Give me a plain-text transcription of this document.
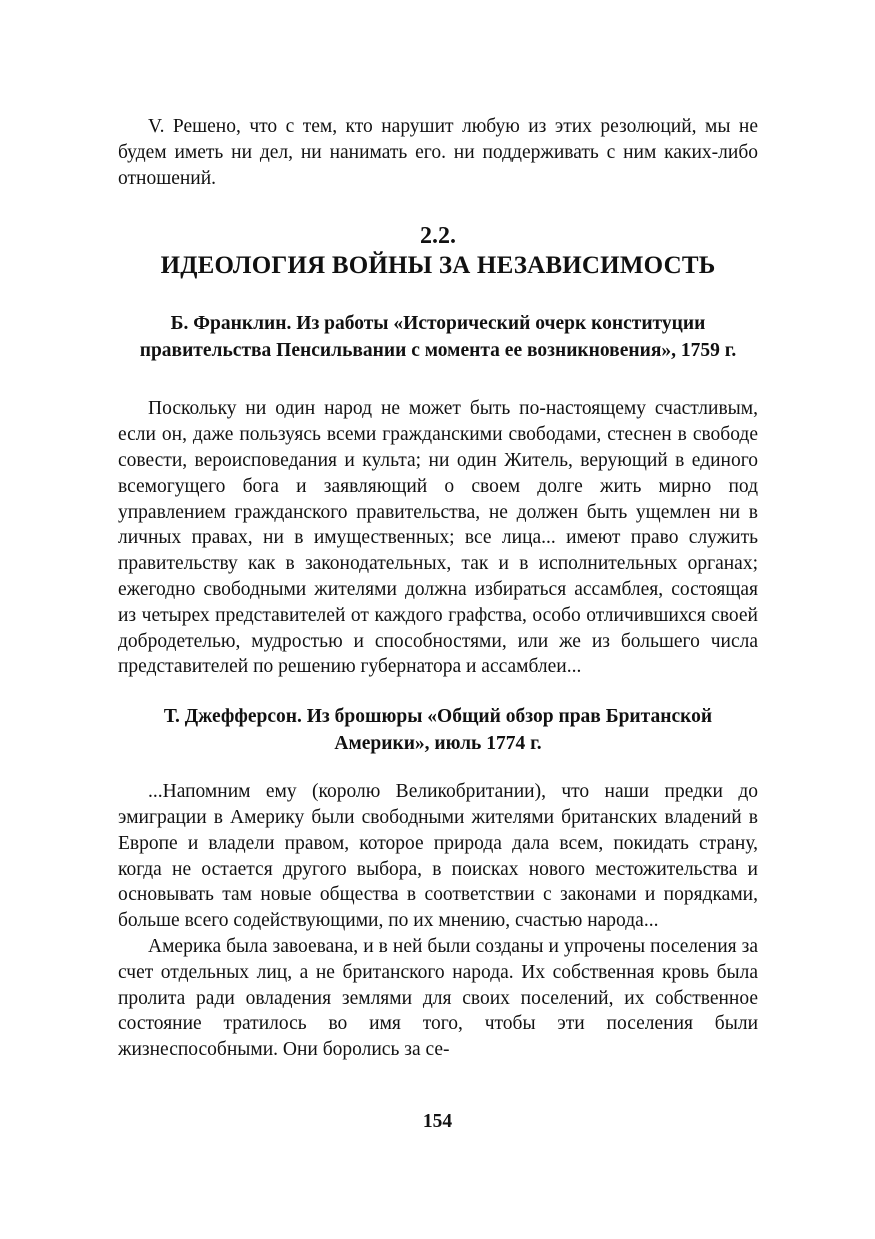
V. Решено, что с тем, кто нарушит любую из этих резолюций, мы не будем иметь ни дел, ни нанимать его. ни поддерживать с ним каких-либо отношений.

2.2.
ИДЕОЛОГИЯ ВОЙНЫ ЗА НЕЗАВИСИМОСТЬ
Б. Франклин. Из работы «Исторический очерк конституции правительства Пенсильвании с момента ее возникновения», 1759 г.

Поскольку ни один народ не может быть по-настоящему счастливым, если он, даже пользуясь всеми гражданскими свободами, стеснен в свободе совести, вероисповедания и культа; ни один Житель, верующий в единого всемогущего бога и заявляющий о своем долге жить мирно под управлением гражданского правительства, не должен быть ущемлен ни в личных правах, ни в имущественных; все лица... имеют право служить правительству как в законодательных, так и в исполнительных органах; ежегодно свободными жителями должна избираться ассамблея, состоящая из четырех представителей от каждого графства, особо отличившихся своей добродетелью, мудростью и способностями, или же из большего числа представителей по решению губернатора и ассамблеи...

Т. Джефферсон. Из брошюры «Общий обзор прав Британской Америки», июль 1774 г.

...Напомним ему (королю Великобритании), что наши предки до эмиграции в Америку были свободными жителями британских владений в Европе и владели правом, которое природа дала всем, покидать страну, когда не остается другого выбора, в поисках нового местожительства и основывать там новые общества в соответствии с законами и порядками, больше всего содействующими, по их мнению, счастью народа...

Америка была завоевана, и в ней были созданы и упрочены поселения за счет отдельных лиц, а не британского народа. Их собственная кровь была пролита ради овладения землями для своих поселений, их собственное состояние тратилось во имя того, чтобы эти поселения были жизнеспособными. Они боролись за се-

154
